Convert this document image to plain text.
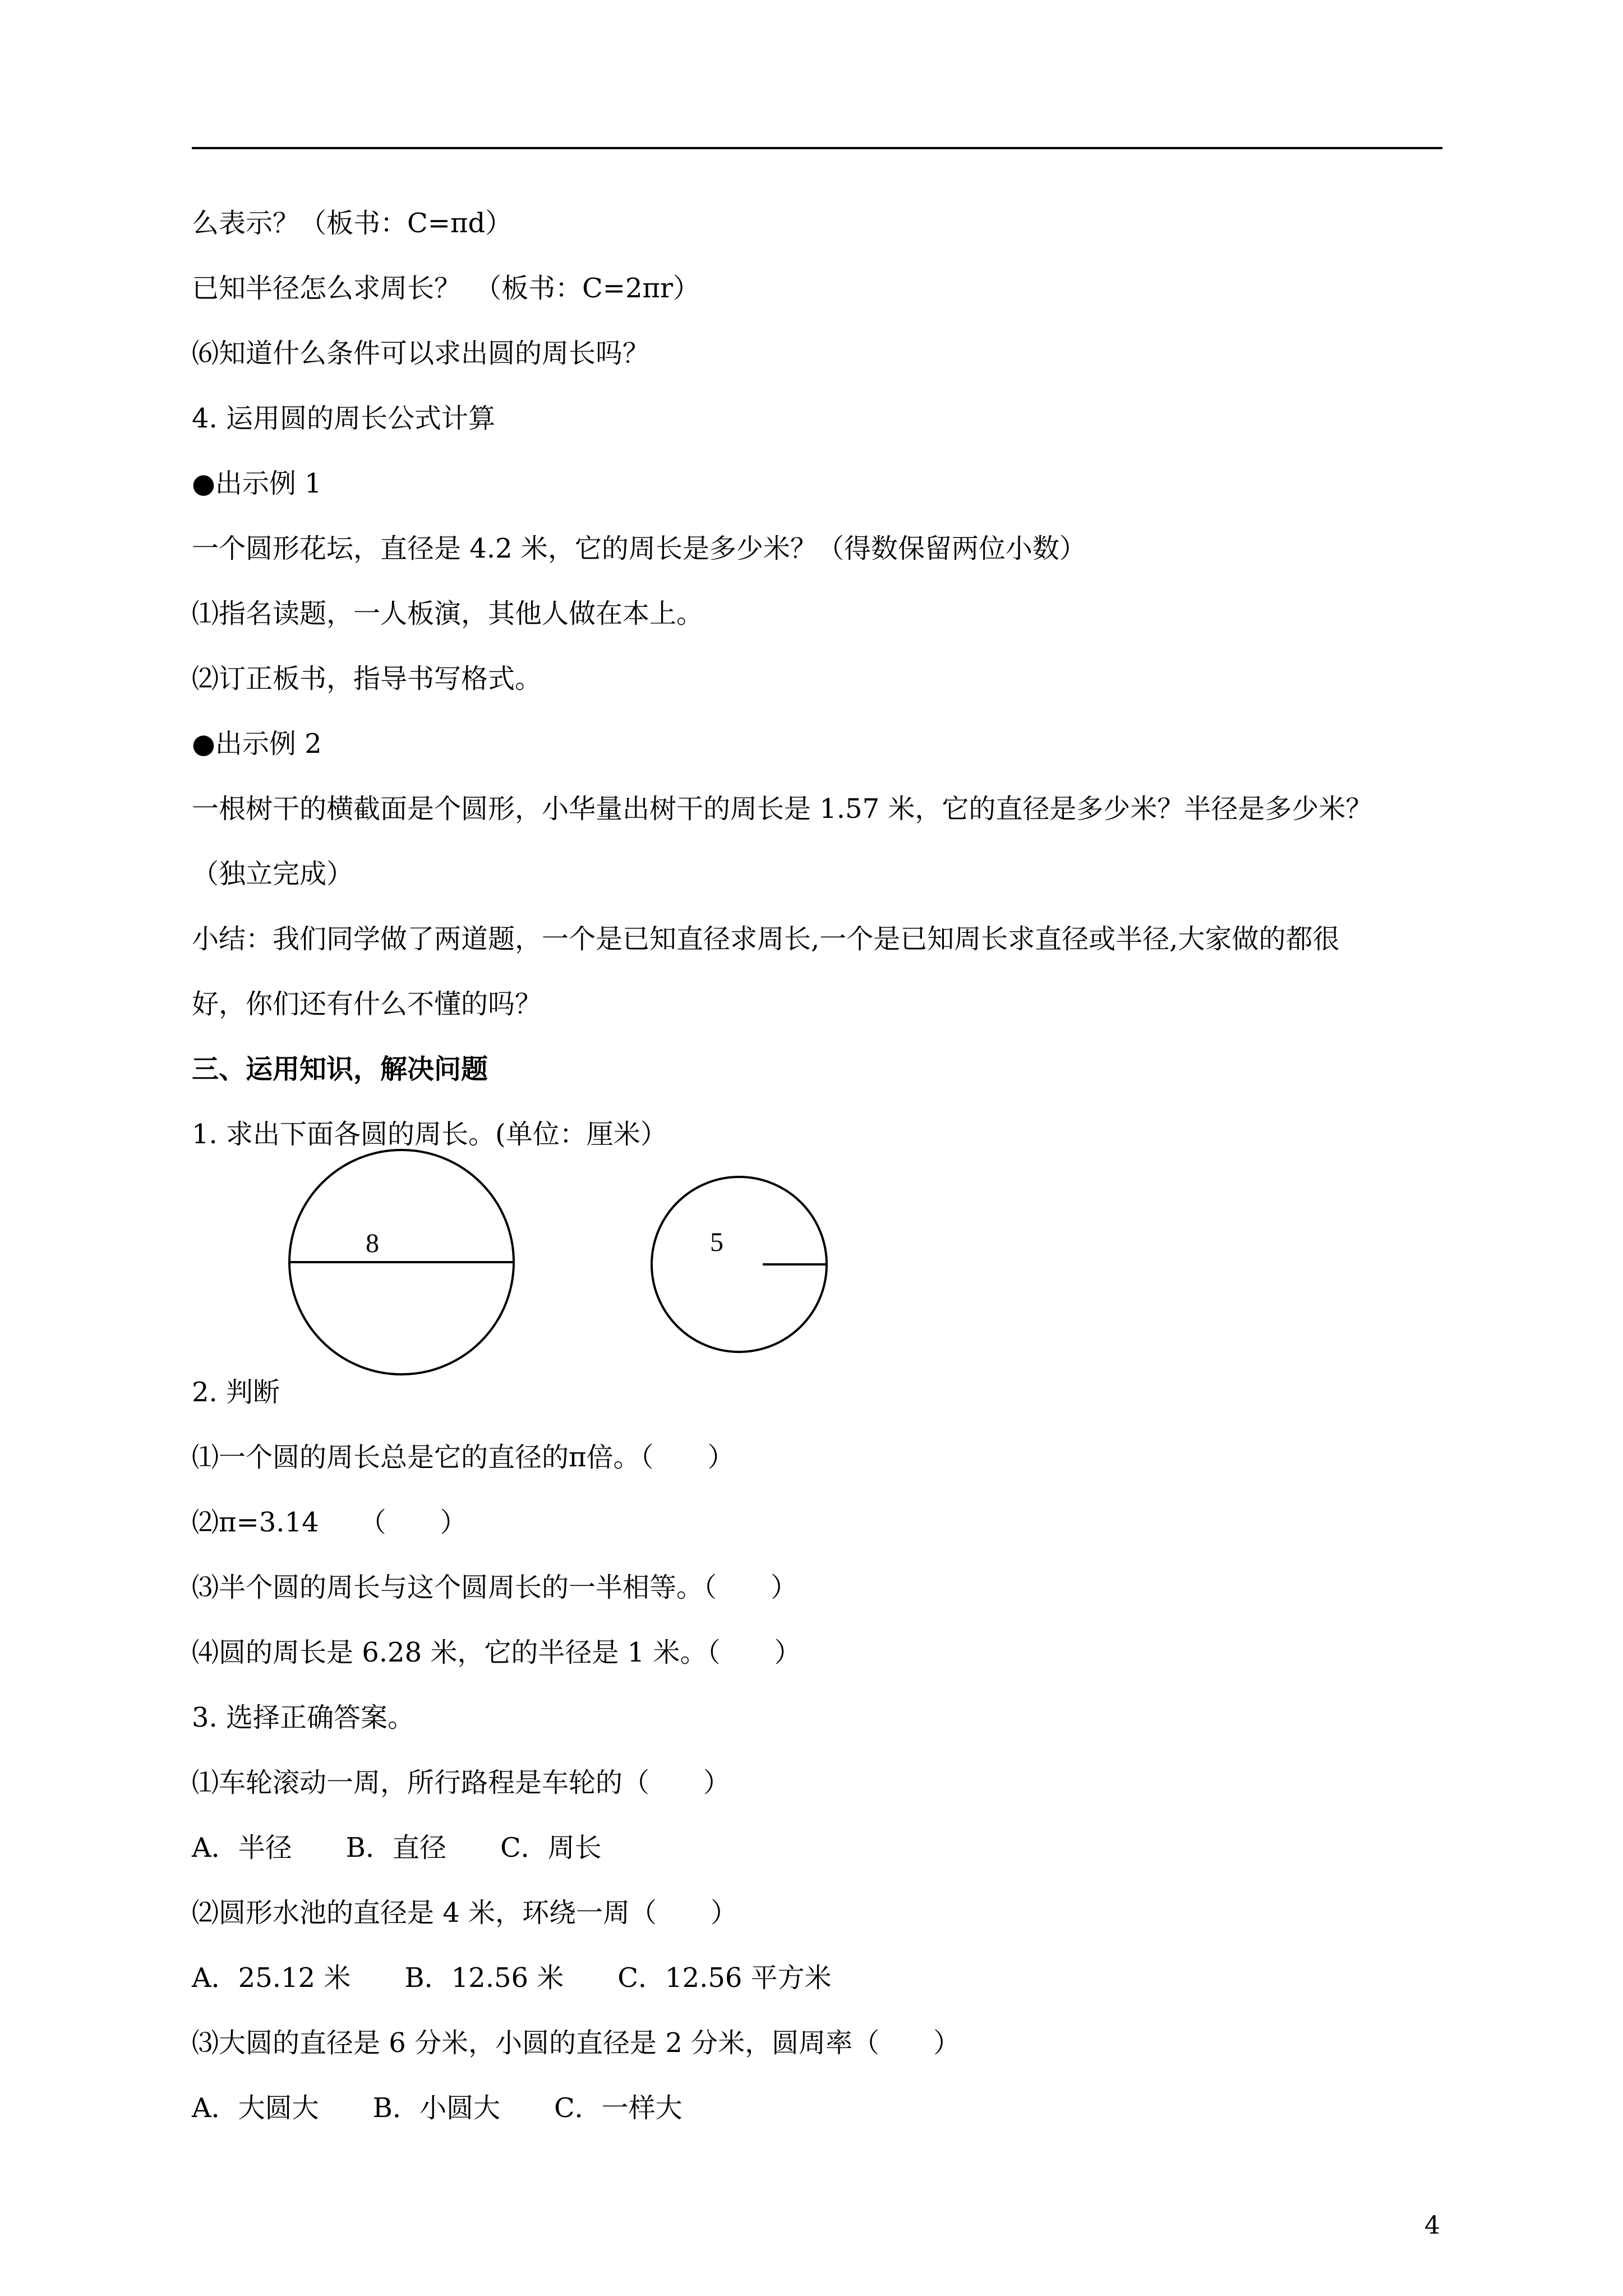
么表示？（板书：C=πd）
已知半径怎么求周长？　（板书：C=2πr）
⑹知道什么条件可以求出圆的周长吗？
4. 运用圆的周长公式计算
●出示例 1
一个圆形花坛，直径是 4.2 米，它的周长是多少米？（得数保留两位小数）
⑴指名读题，一人板演，其他人做在本上。
⑵订正板书，指导书写格式。
●出示例 2
一根树干的横截面是个圆形，小华量出树干的周长是 1.57 米，它的直径是多少米？半径是多少米？
（独立完成）
小结：我们同学做了两道题，一个是已知直径求周长,一个是已知周长求直径或半径,大家做的都很
好，你们还有什么不懂的吗？
三、运用知识，解决问题
1. 求出下面各圆的周长。(单位：厘米）
8	5
2. 判断
⑴一个圆的周长总是它的直径的π倍。（　　）
⑵π=3.14　　（　　）
⑶半个圆的周长与这个圆周长的一半相等。（　　）
⑷圆的周长是 6.28 米，它的半径是 1 米。（　　）
3. 选择正确答案。
⑴车轮滚动一周，所行路程是车轮的（　　）
A．半径　　B．直径　　C．周长
⑵圆形水池的直径是 4 米，环绕一周（　　）
A．25.12 米　　B．12.56 米　　C．12.56 平方米
⑶大圆的直径是 6 分米，小圆的直径是 2 分米，圆周率（　　）
A．大圆大　　B．小圆大　　C．一样大
4
